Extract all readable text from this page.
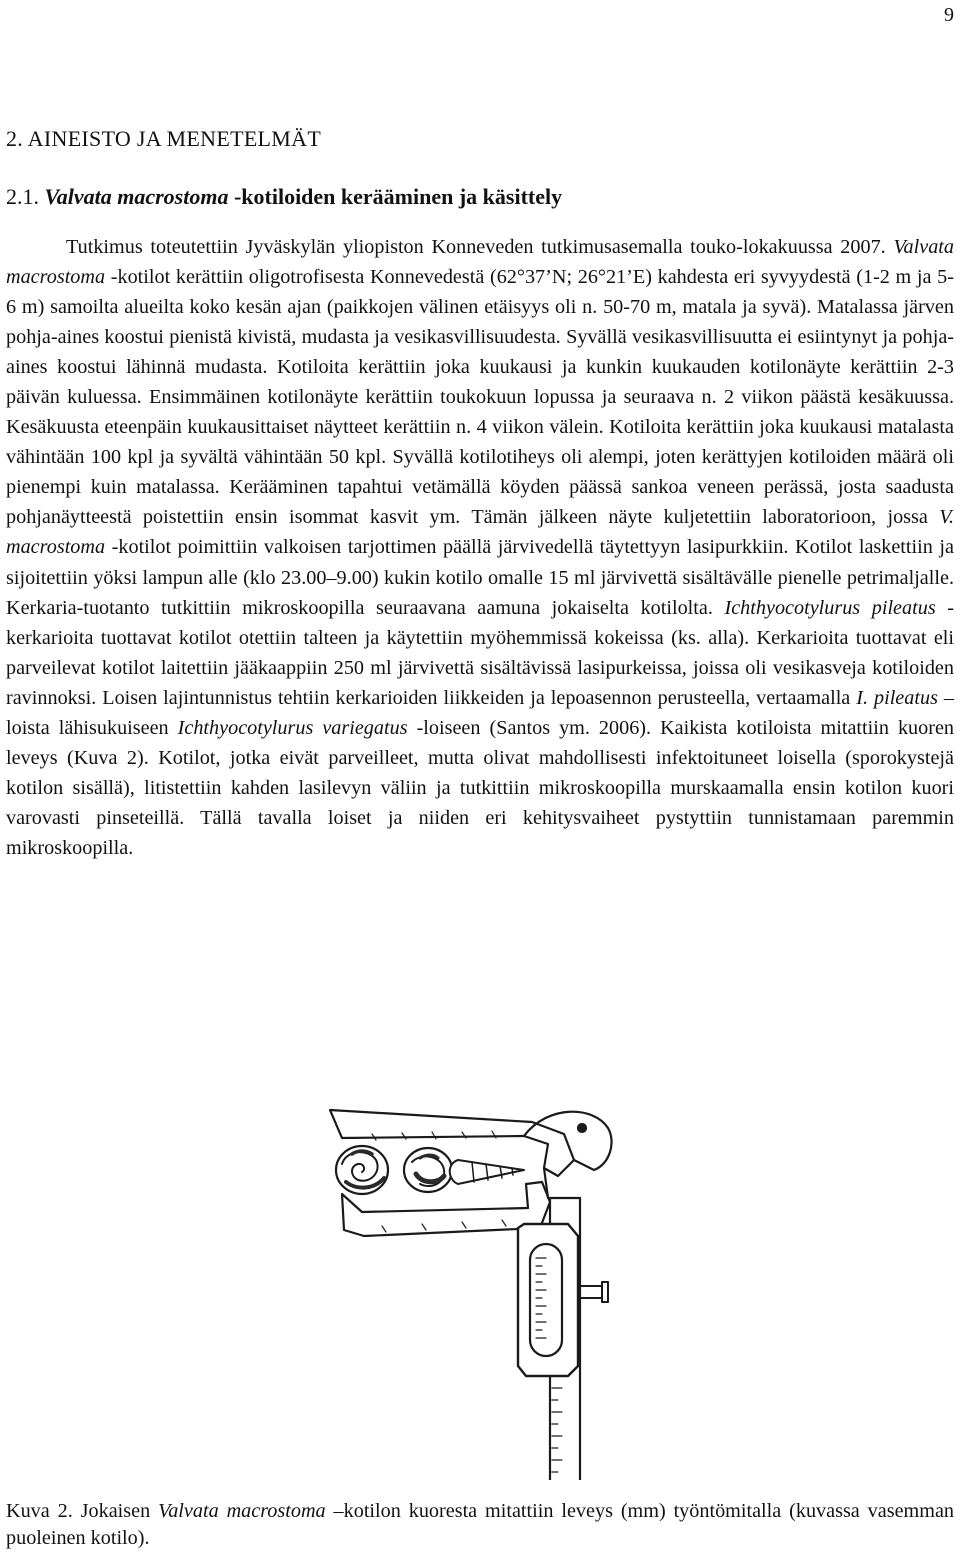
9
2. AINEISTO JA MENETELMÄT
2.1. Valvata macrostoma -kotiloiden kerääminen ja käsittely

Tutkimus toteutettiin Jyväskylän yliopiston Konneveden tutkimusasemalla touko-lokakuussa 2007. Valvata macrostoma -kotilot kerättiin oligotrofisesta Konnevedestä (62°37’N; 26°21’E) kahdesta eri syvyydestä (1-2 m ja 5-6 m) samoilta alueilta koko kesän ajan (paikkojen välinen etäisyys oli n. 50-70 m, matala ja syvä). Matalassa järven pohja-aines koostui pienistä kivistä, mudasta ja vesikasvillisuudesta. Syvällä vesikasvillisuutta ei esiintynyt ja pohja-aines koostui lähinnä mudasta. Kotiloita kerättiin joka kuukausi ja kunkin kuukauden kotilonäyte kerättiin 2-3 päivän kuluessa. Ensimmäinen kotilonäyte kerättiin toukokuun lopussa ja seuraava n. 2 viikon päästä kesäkuussa. Kesäkuusta eteenpäin kuukausittaiset näytteet kerättiin n. 4 viikon välein. Kotiloita kerättiin joka kuukausi matalasta vähintään 100 kpl ja syvältä vähintään 50 kpl. Syvällä kotilotiheys oli alempi, joten kerättyjen kotiloiden määrä oli pienempi kuin matalassa. Kerääminen tapahtui vetämällä köyden päässä sankoa veneen perässä, josta saadusta pohjanäytteestä poistettiin ensin isommat kasvit ym. Tämän jälkeen näyte kuljetettiin laboratorioon, jossa V. macrostoma -kotilot poimittiin valkoisen tarjottimen päällä järvivedellä täytettyyn lasipurkkiin. Kotilot laskettiin ja sijoitettiin yöksi lampun alle (klo 23.00–9.00) kukin kotilo omalle 15 ml järvivettä sisältävälle pienelle petrimaljalle. Kerkaria-tuotanto tutkittiin mikroskoopilla seuraavana aamuna jokaiselta kotilolta. Ichthyocotylurus pileatus -kerkarioita tuottavat kotilot otettiin talteen ja käytettiin myöhemmissä kokeissa (ks. alla). Kerkarioita tuottavat eli parveilevat kotilot laitettiin jääkaappiin 250 ml järvivettä sisältävissä lasipurkeissa, joissa oli vesikasveja kotiloiden ravinnoksi. Loisen lajintunnistus tehtiin kerkarioiden liikkeiden ja lepoasennon perusteella, vertaamalla I. pileatus –loista lähisukuiseen Ichthyocotylurus variegatus -loiseen (Santos ym. 2006). Kaikista kotiloista mitattiin kuoren leveys (Kuva 2). Kotilot, jotka eivät parveilleet, mutta olivat mahdollisesti infektoituneet loisella (sporokystejä kotilon sisällä), litistettiin kahden lasilevyn väliin ja tutkittiin mikroskoopilla murskaamalla ensin kotilon kuori varovasti pinseteillä. Tällä tavalla loiset ja niiden eri kehitysvaiheet pystyttiin tunnistamaan paremmin mikroskoopilla.

Kuva 2. Jokaisen Valvata macrostoma –kotilon kuoresta mitattiin leveys (mm) työntömitalla (kuvassa vasemman puoleinen kotilo).
